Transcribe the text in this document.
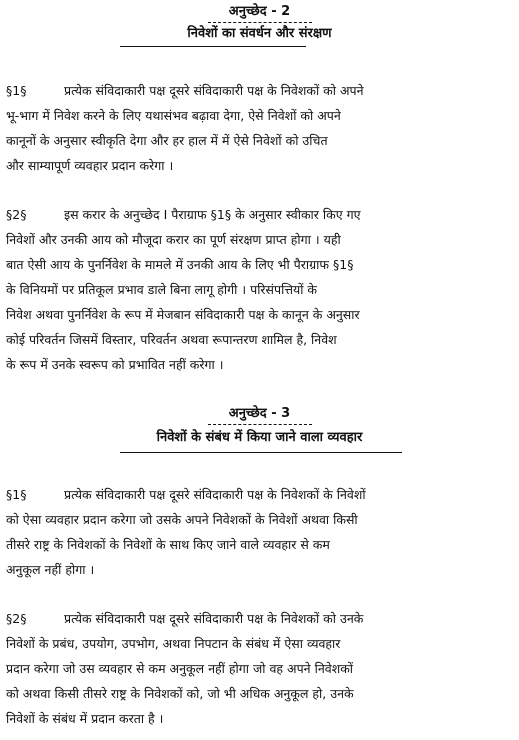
अनुच्छेद - 2
निवेशों का संवर्धन और संरक्षण
§1§	प्रत्येक संविदाकारी पक्ष दूसरे संविदाकारी पक्ष के निवेशकों को अपने
भू-भाग में निवेश करने के लिए यथासंभव बढ़ावा देगा, ऐसे निवेशों को अपने
कानूनों के अनुसार स्वीकृति देगा और हर हाल में में ऐसे निवेशों को उचित
और साम्यापूर्ण व्यवहार प्रदान करेगा ।
§2§	इस करार के अनुच्छेद I पैराग्राफ §1§ के अनुसार स्वीकार किए गए
निवेशों और उनकी आय को मौजूदा करार का पूर्ण संरक्षण प्राप्त होगा । यही
बात ऐसी आय के पुनर्निवेश के मामले में उनकी आय के लिए भी पैराग्राफ §1§
के विनियमों पर प्रतिकूल प्रभाव डाले बिना लागू होगी । परिसंपत्तियों के
निवेश अथवा पुनर्निवेश के रूप में मेजबान संविदाकारी पक्ष के कानून के अनुसार
कोई परिवर्तन जिसमें विस्तार, परिवर्तन अथवा रूपान्तरण शामिल है, निवेश
के रूप में उनके स्वरूप को प्रभावित नहीं करेगा ।
अनुच्छेद - 3
निवेशों के संबंध में किया जाने वाला व्यवहार
§1§	प्रत्येक संविदाकारी पक्ष दूसरे संविदाकारी पक्ष के निवेशकों के निवेशों
को ऐसा व्यवहार प्रदान करेगा जो उसके अपने निवेशकों के निवेशों अथवा किसी
तीसरे राष्ट्र के निवेशकों के निवेशों के साथ किए जाने वाले व्यवहार से कम
अनुकूल नहीं होगा ।
§2§	प्रत्येक संविदाकारी पक्ष दूसरे संविदाकारी पक्ष के निवेशकों को उनके
निवेशों के प्रबंध, उपयोग, उपभोग, अथवा निपटान के संबंध में ऐसा व्यवहार
प्रदान करेगा जो उस व्यवहार से कम अनुकूल नहीं होगा जो वह अपने निवेशकों
को अथवा किसी तीसरे राष्ट्र के निवेशकों को, जो भी अधिक अनुकूल हो, उनके
निवेशों के संबंध में प्रदान करता है ।
